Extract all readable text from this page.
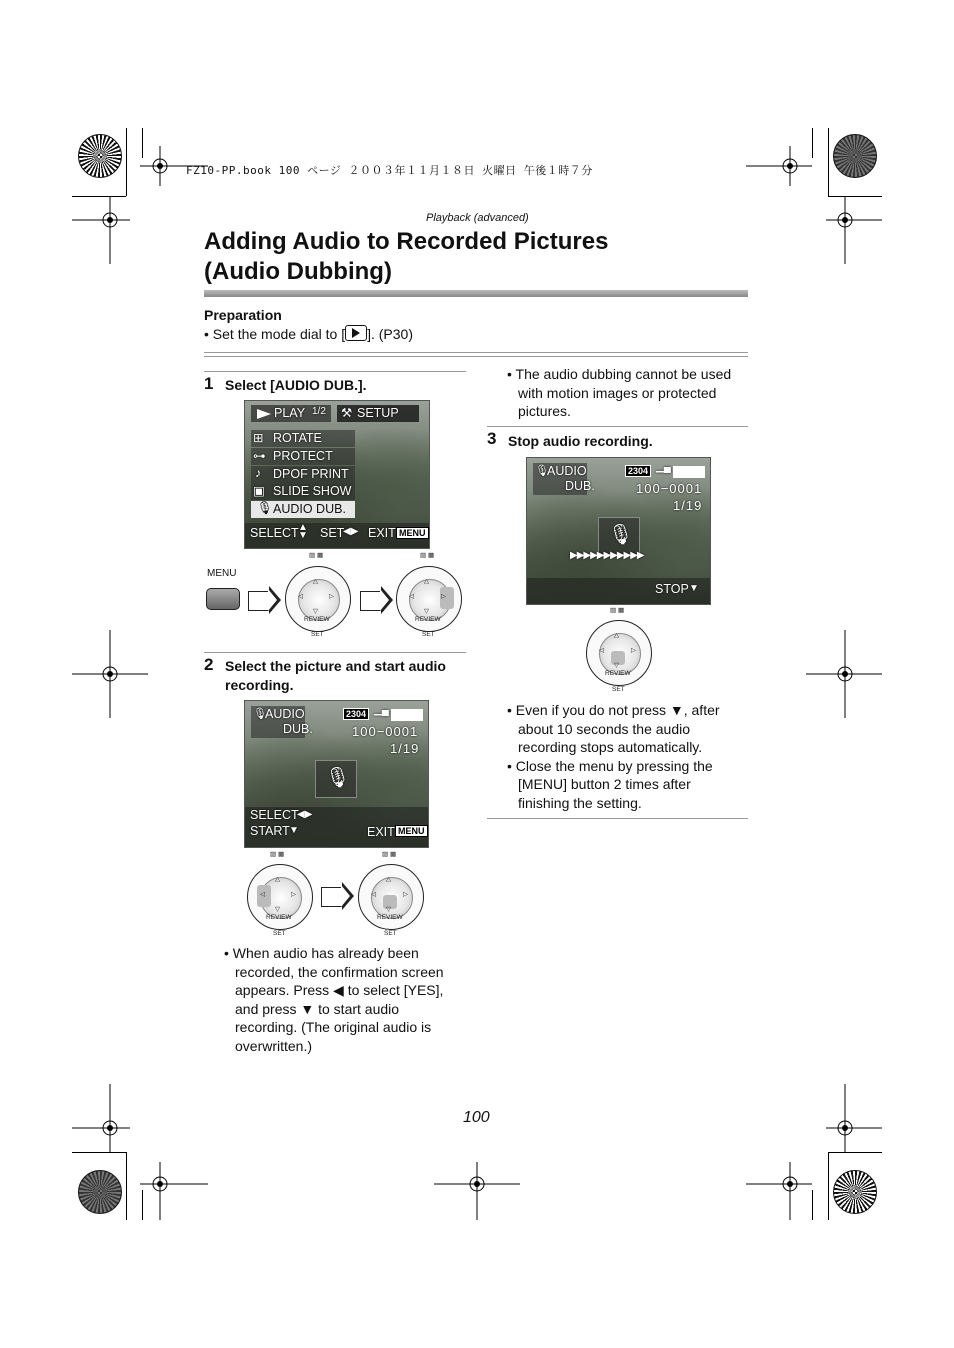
FZ10-PP.book 100 ページ ２００３年１１月１８日 火曜日 午後１時７分
Playback (advanced)
Adding Audio to Recorded Pictures
(Audio Dubbing)
Preparation
• Set the mode dial to [ ]. (P30)
1 Select [AUDIO DUB.].
PLAY 1/2 ⚒ SETUP
⊞ ROTATE
⊶ PROTECT
♪ DPOF PRINT
▣ SLIDE SHOW
🎙 AUDIO DUB.
SELECT ▲
▼ SET
◀▶ EXIT MENU
MENU
▨ ▩
△
▽
◁	▷
REVIEW
SET
▨ ▩
△
▽
◁	▷
REVIEW
SET
2 Select the picture and start audio
recording.
🎙
AUDIO
DUB.
2304 ▁▄
100−0001
1/19
🎙
SELECT
◀▶
START ▼	EXIT MENU
▨ ▩
△
▽
◁	▷
REVIEW
SET
▨ ▩
△
▽
◁	▷
REVIEW
SET
• When audio has already been
recorded, the confirmation screen
appears. Press ◀ to select [YES],
and press ▼ to start audio
recording. (The original audio is
overwritten.)
• The audio dubbing cannot be used
with motion images or protected
pictures.
3 Stop audio recording.
🎙
AUDIO
DUB.
2304 ▁▄
100−0001
1/19
🎙
▶▶▶▶▶▶▶▶▶▶▶
STOP ▼
▨ ▩
△
▽
◁	▷
REVIEW
SET
• Even if you do not press ▼, after
about 10 seconds the audio
recording stops automatically.
• Close the menu by pressing the
[MENU] button 2 times after
finishing the setting.
100
